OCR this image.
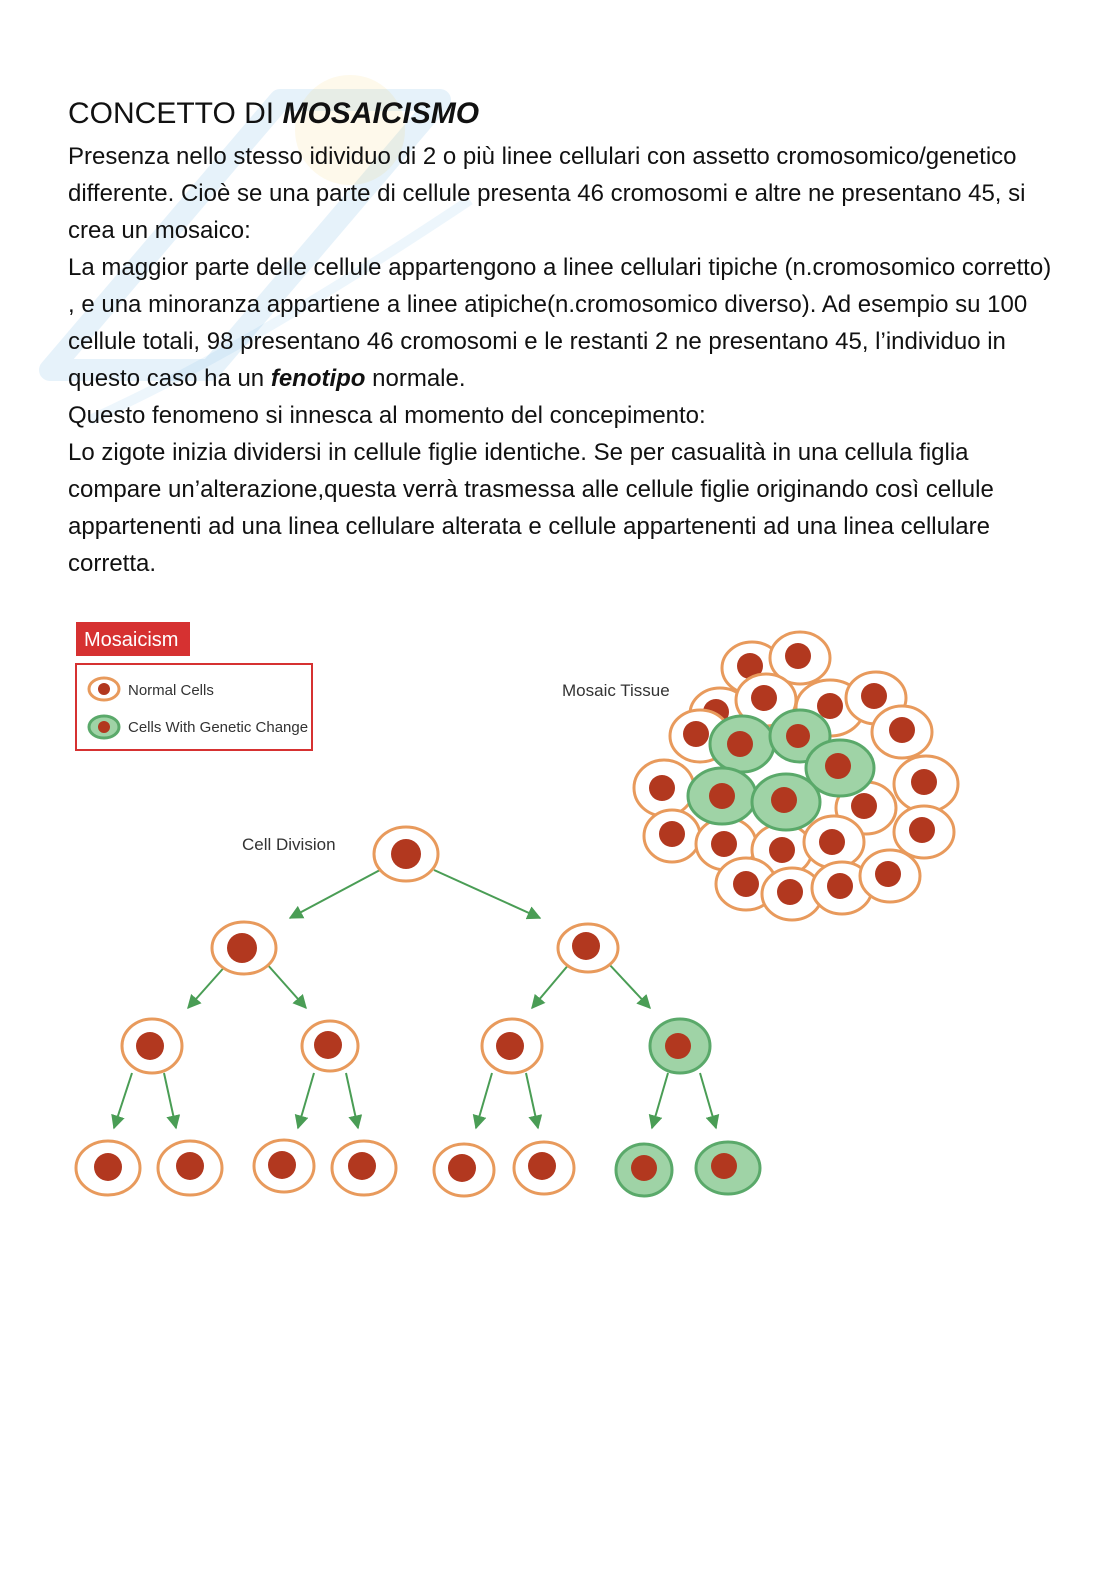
CONCETTO DI MOSAICISMO

Presenza nello stesso idividuo di 2 o più linee cellulari con assetto cromosomico/genetico differente. Cioè se una parte di cellule presenta 46 cromosomi e altre ne presentano 45, si crea un mosaico:

La maggior parte delle cellule appartengono a linee cellulari tipiche (n.cromosomico corretto) , e una minoranza appartiene a linee atipiche(n.cromosomico diverso). Ad esempio su 100 cellule totali, 98 presentano 46 cromosomi e le restanti 2 ne presentano 45, l’individuo in questo caso ha un fenotipo normale.

Questo fenomeno si innesca al momento del concepimento:

Lo zigote inizia dividersi in cellule figlie identiche. Se per casualità in una cellula figlia compare un’alterazione,questa verrà trasmessa alle cellule figlie originando così cellule appartenenti ad una linea cellulare alterata e cellule appartenenti ad una linea cellulare corretta.

Mosaicism
Normal Cells
Cells With Genetic Change
Cell Division
Mosaic Tissue
